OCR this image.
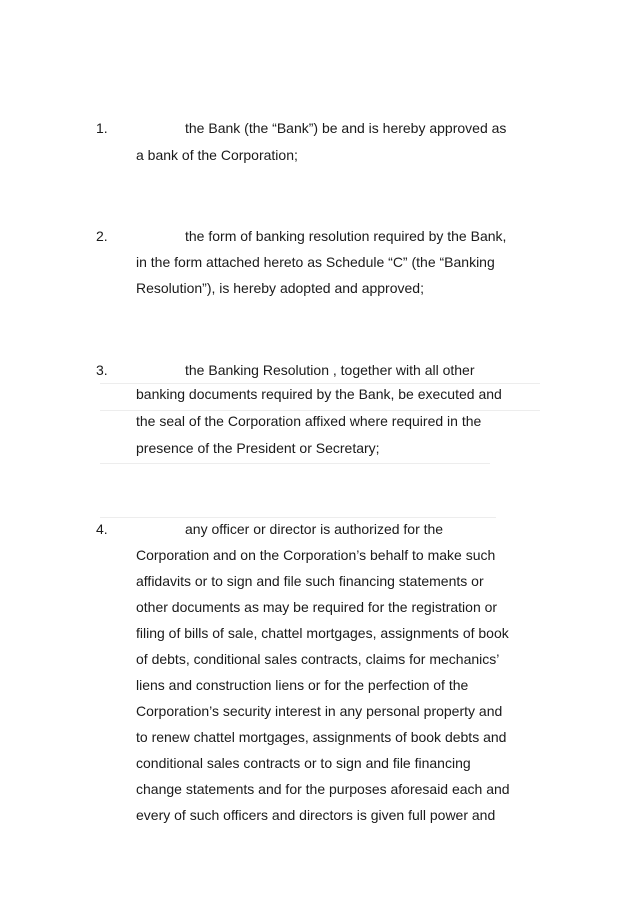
1.	the Bank (the “Bank”) be and is hereby approved as
a bank of the Corporation;
2.	the form of banking resolution required by the Bank,
in the form attached hereto as Schedule “C” (the “Banking
Resolution”), is hereby adopted and approved;
3.	the Banking Resolution , together with all other
banking documents required by the Bank, be executed and
the seal of the Corporation affixed where required in the
presence of the President or Secretary;
4.	any officer or director is authorized for the
Corporation and on the Corporation’s behalf to make such
affidavits or to sign and file such financing statements or
other documents as may be required for the registration or
filing of bills of sale, chattel mortgages, assignments of book
of debts, conditional sales contracts, claims for mechanics’
liens and construction liens or for the perfection of the
Corporation’s security interest in any personal property and
to renew chattel mortgages, assignments of book debts and
conditional sales contracts or to sign and file financing
change statements and for the purposes aforesaid each and
every of such officers and directors is given full power and
